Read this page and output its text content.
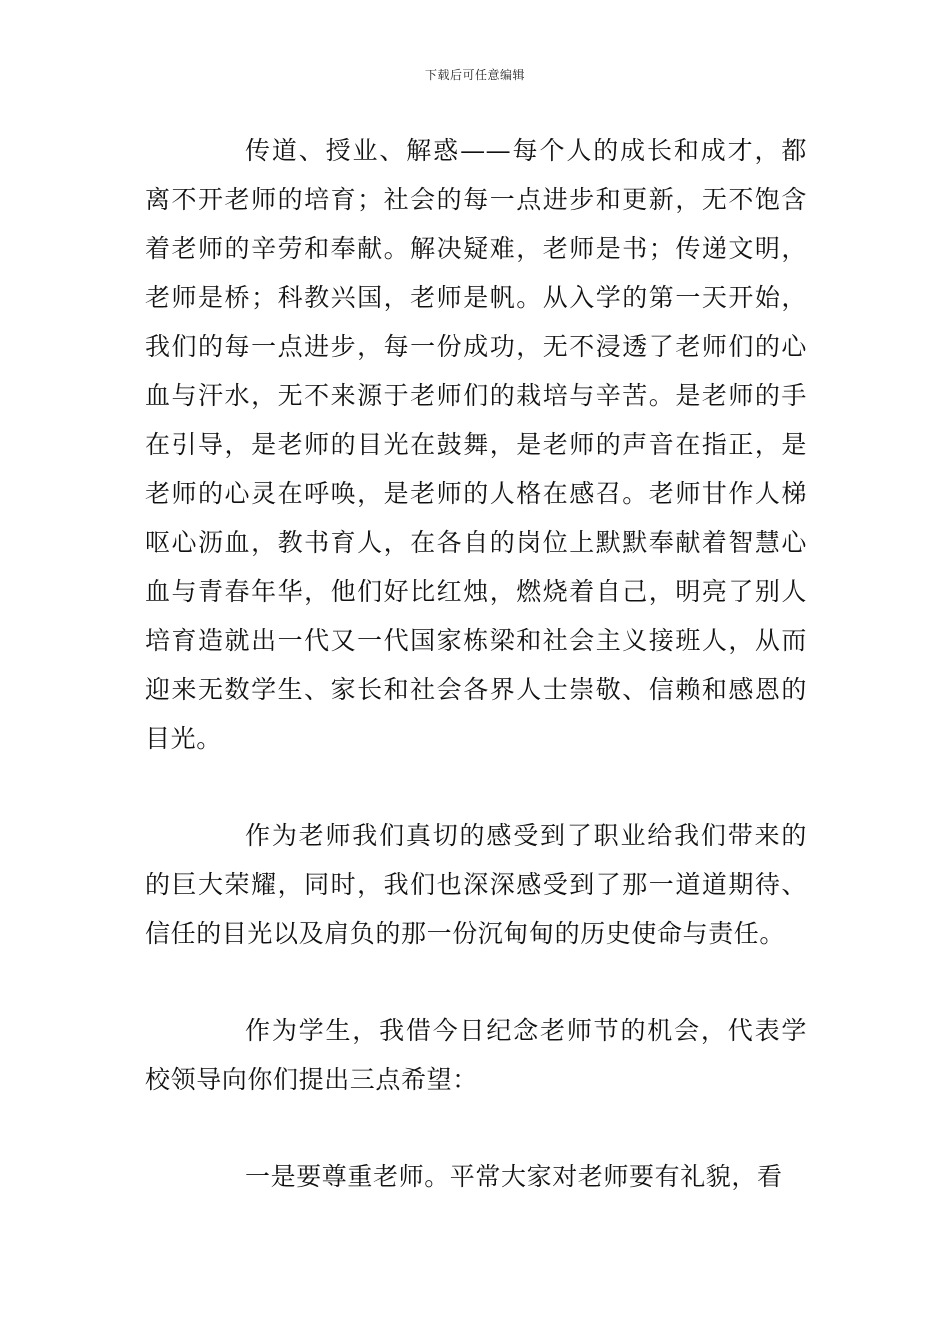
下载后可任意编辑

传道、授业、解惑——每个人的成长和成才，都离不开老师的培育；社会的每一点进步和更新，无不饱含着老师的辛劳和奉献。解决疑难，老师是书；传递文明，老师是桥；科教兴国，老师是帆。从入学的第一天开始，我们的每一点进步，每一份成功，无不浸透了老师们的心血与汗水，无不来源于老师们的栽培与辛苦。是老师的手在引导，是老师的目光在鼓舞，是老师的声音在指正，是老师的心灵在呼唤，是老师的人格在感召。老师甘作人梯呕心沥血，教书育人，在各自的岗位上默默奉献着智慧心血与青春年华，他们好比红烛，燃烧着自己，明亮了别人培育造就出一代又一代国家栋梁和社会主义接班人，从而迎来无数学生、家长和社会各界人士崇敬、信赖和感恩的目光。

作为老师我们真切的感受到了职业给我们带来的的巨大荣耀，同时，我们也深深感受到了那一道道期待、信任的目光以及肩负的那一份沉甸甸的历史使命与责任。

作为学生，我借今日纪念老师节的机会，代表学校领导向你们提出三点希望：

一是要尊重老师。平常大家对老师要有礼貌，看
